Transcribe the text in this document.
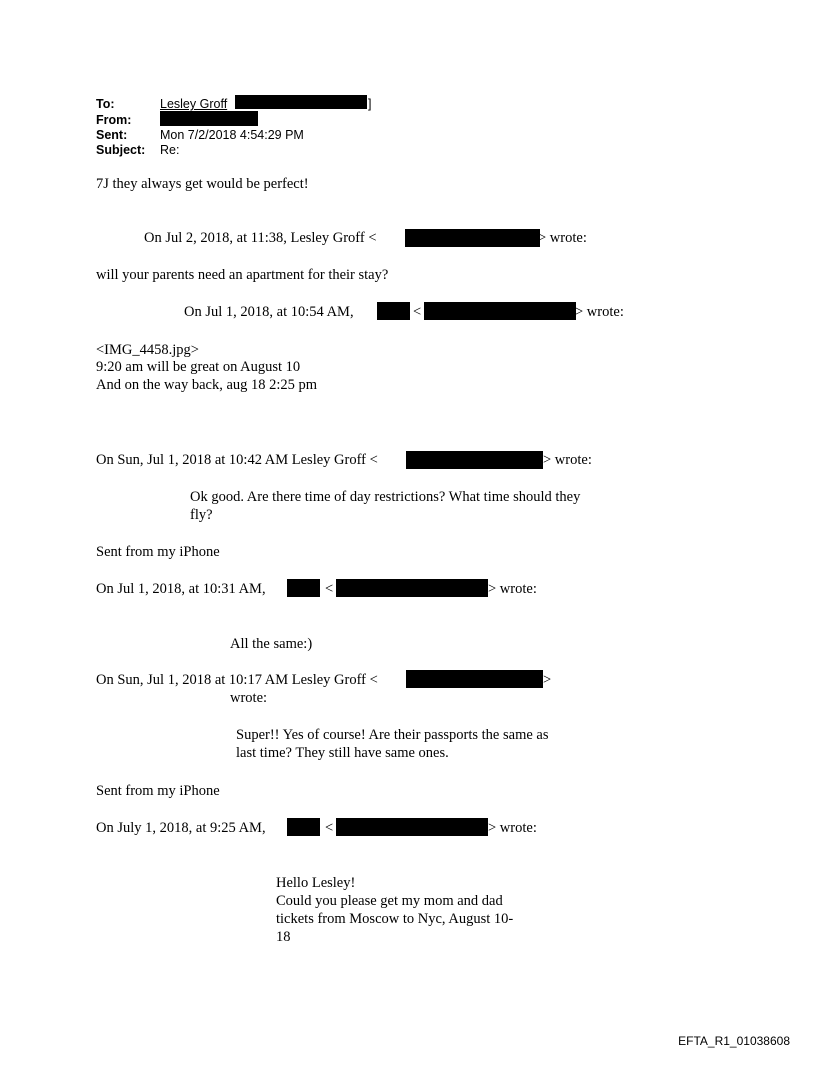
To:	Lesley Groff	]
From:
Sent:	Mon 7/2/2018 4:54:29 PM
Subject: Re:
7J they always get would be perfect!
On Jul 2, 2018, at 11:38, Lesley Groff <	> wrote:
will your parents need an apartment for their stay?
On Jul 1, 2018, at 10:54 AM,	<	> wrote:
<IMG_4458.jpg>
9:20 am will be great on August 10
And on the way back, aug 18 2:25 pm
On Sun, Jul 1, 2018 at 10:42 AM Lesley Groff <	> wrote:
Ok good. Are there time of day restrictions? What time should they
fly?
Sent from my iPhone
On Jul 1, 2018, at 10:31 AM,	<	> wrote:
All the same:)
On Sun, Jul 1, 2018 at 10:17 AM Lesley Groff <	>
wrote:
Super!! Yes of course! Are their passports the same as
last time? They still have same ones.
Sent from my iPhone
On July 1, 2018, at 9:25 AM,	<	> wrote:
Hello Lesley!
Could you please get my mom and dad
tickets from Moscow to Nyc, August 10-
18
EFTA_R1_01038608
